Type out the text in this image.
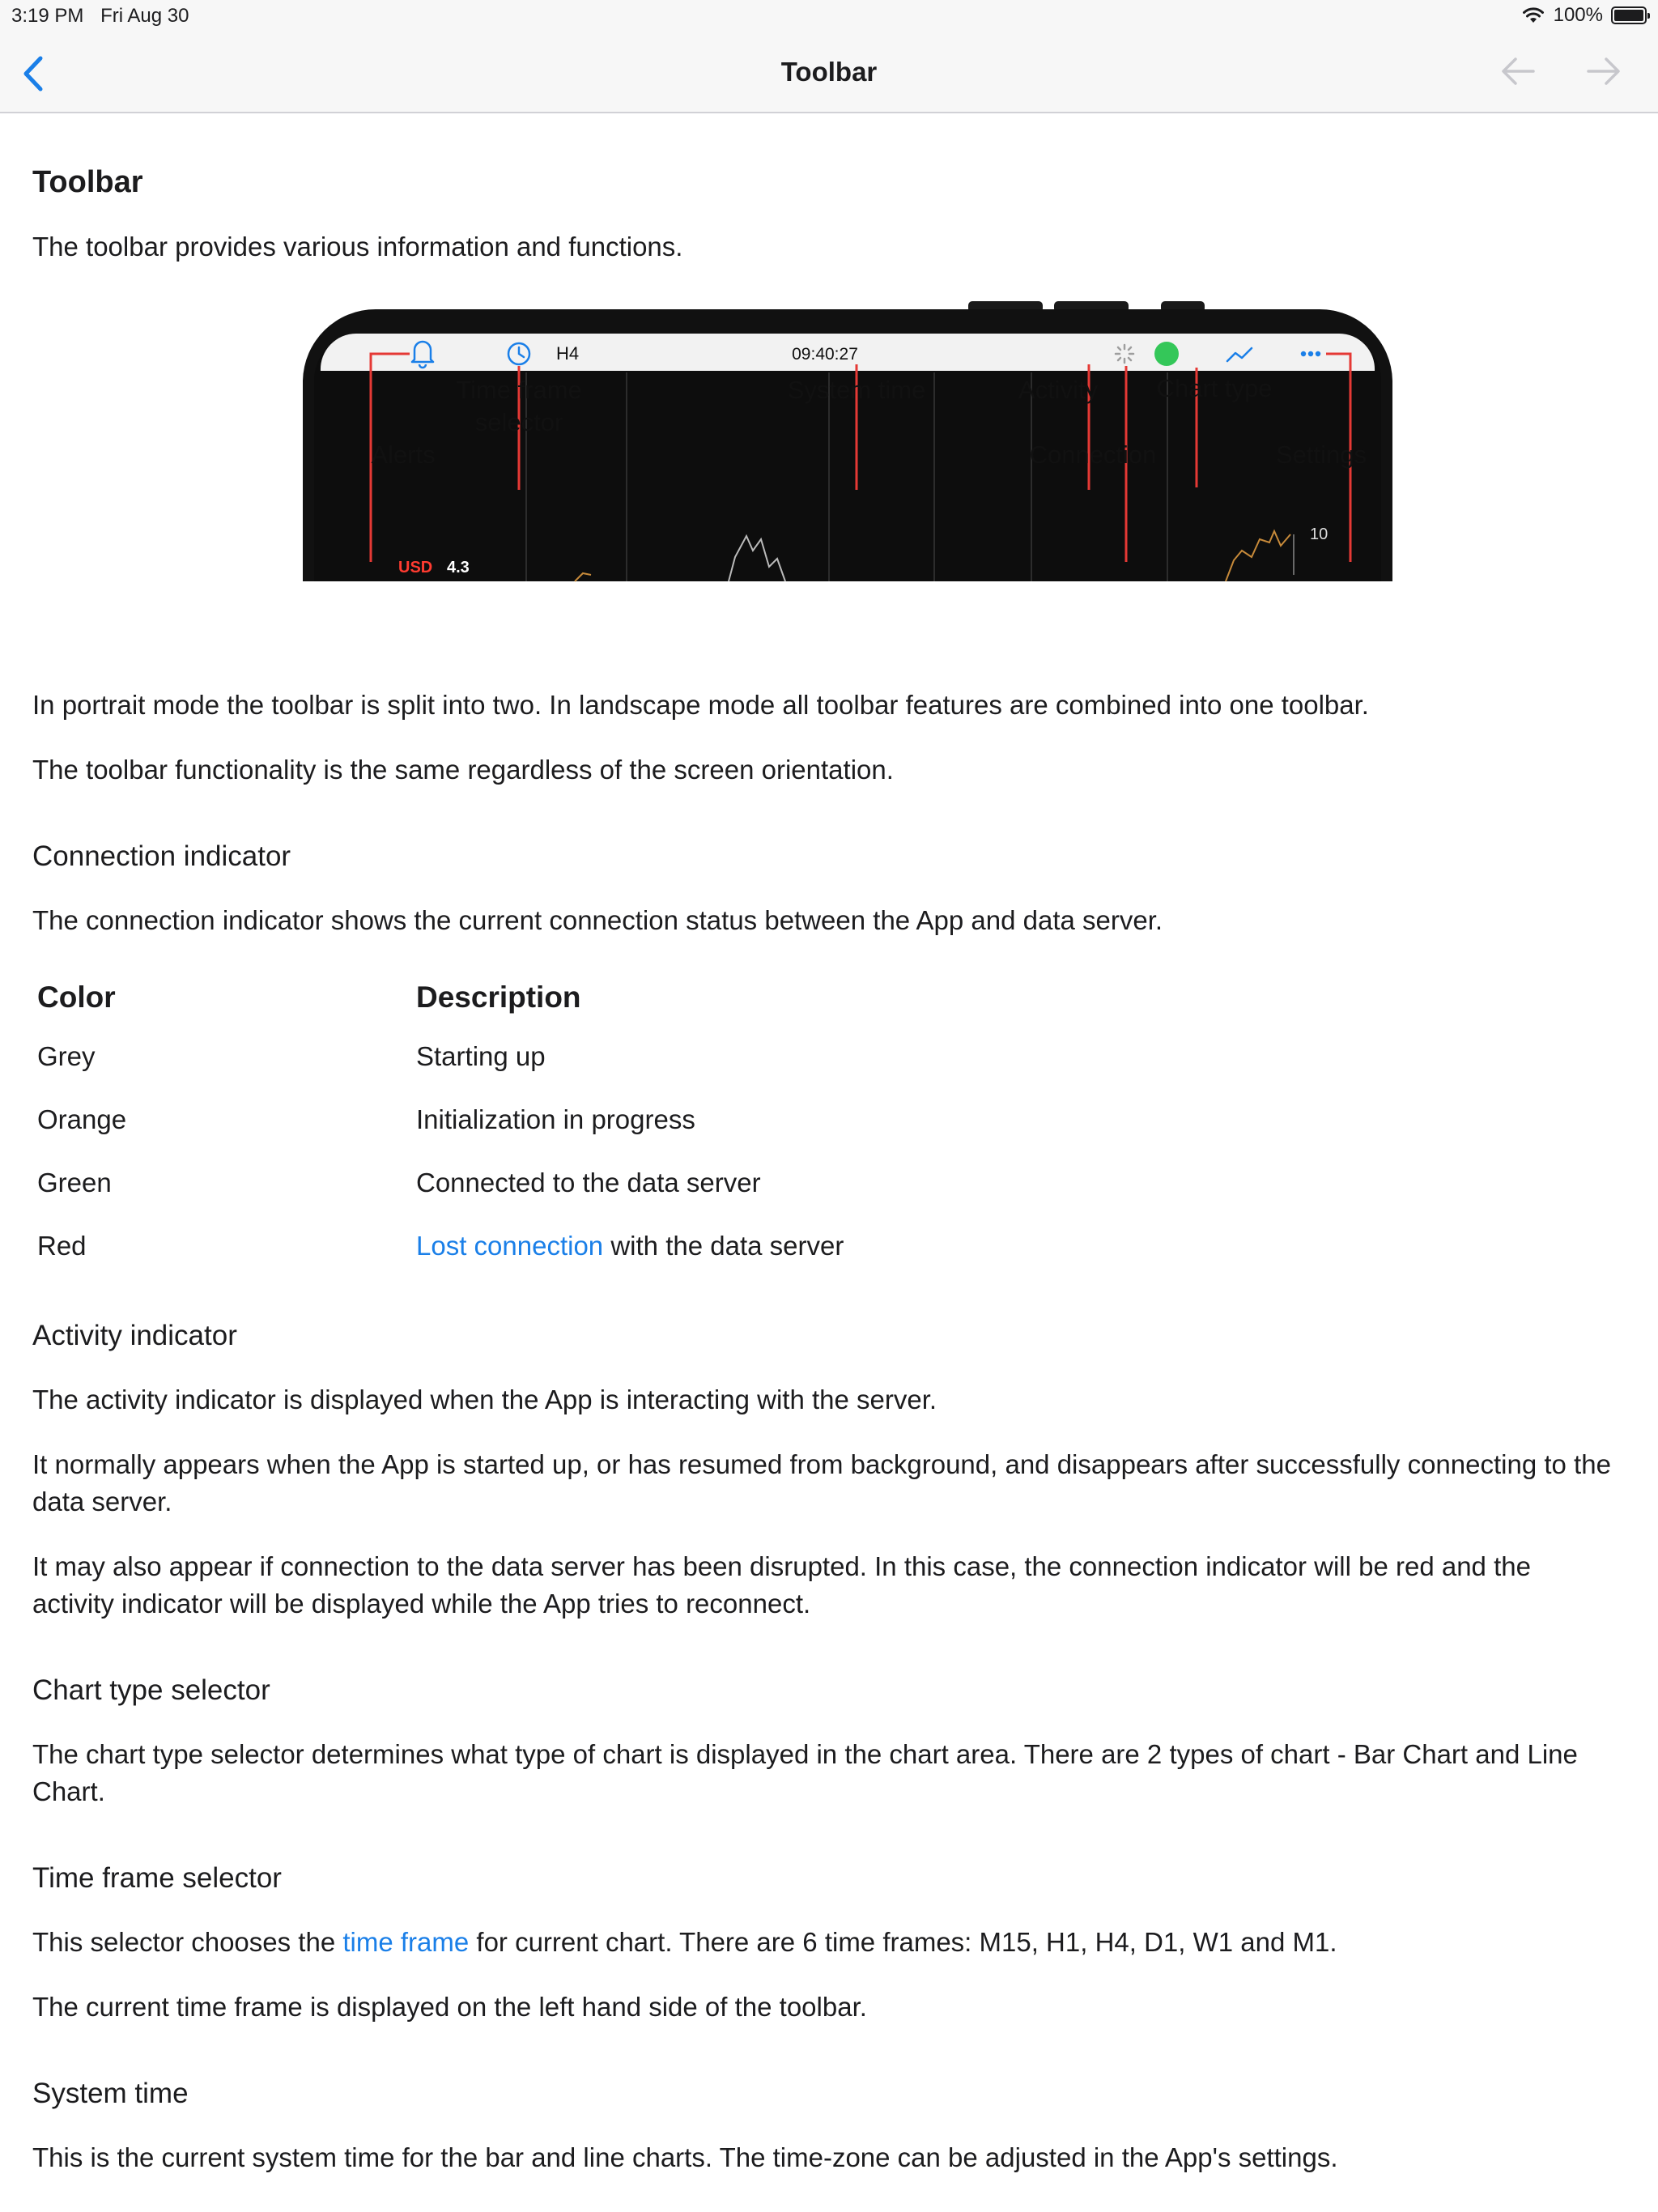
3:19 PM Fri Aug 30	100%
Toolbar
Toolbar

The toolbar provides various information and functions.

10
USD 4.3
H4	09:40:27
Alerts
Time frame
selector
System time	Activity
Connection
Chart type
Settings

In portrait mode the toolbar is split into two. In landscape mode all toolbar features are combined into one toolbar.

The toolbar functionality is the same regardless of the screen orientation.

Connection indicator

The connection indicator shows the current connection status between the App and data server.

Color	Description
Grey	Starting up
Orange	Initialization in progress
Green	Connected to the data server
Red	Lost connection with the data server
Activity indicator

The activity indicator is displayed when the App is interacting with the server.

It normally appears when the App is started up, or has resumed from background, and disappears after successfully connecting to the data server.

It may also appear if connection to the data server has been disrupted. In this case, the connection indicator will be red and the activity indicator will be displayed while the App tries to reconnect.

Chart type selector

The chart type selector determines what type of chart is displayed in the chart area. There are 2 types of chart - Bar Chart and Line Chart.

Time frame selector

This selector chooses the time frame for current chart. There are 6 time frames: M15, H1, H4, D1, W1 and M1.

The current time frame is displayed on the left hand side of the toolbar.

System time

This is the current system time for the bar and line charts. The time-zone can be adjusted in the App's settings.
